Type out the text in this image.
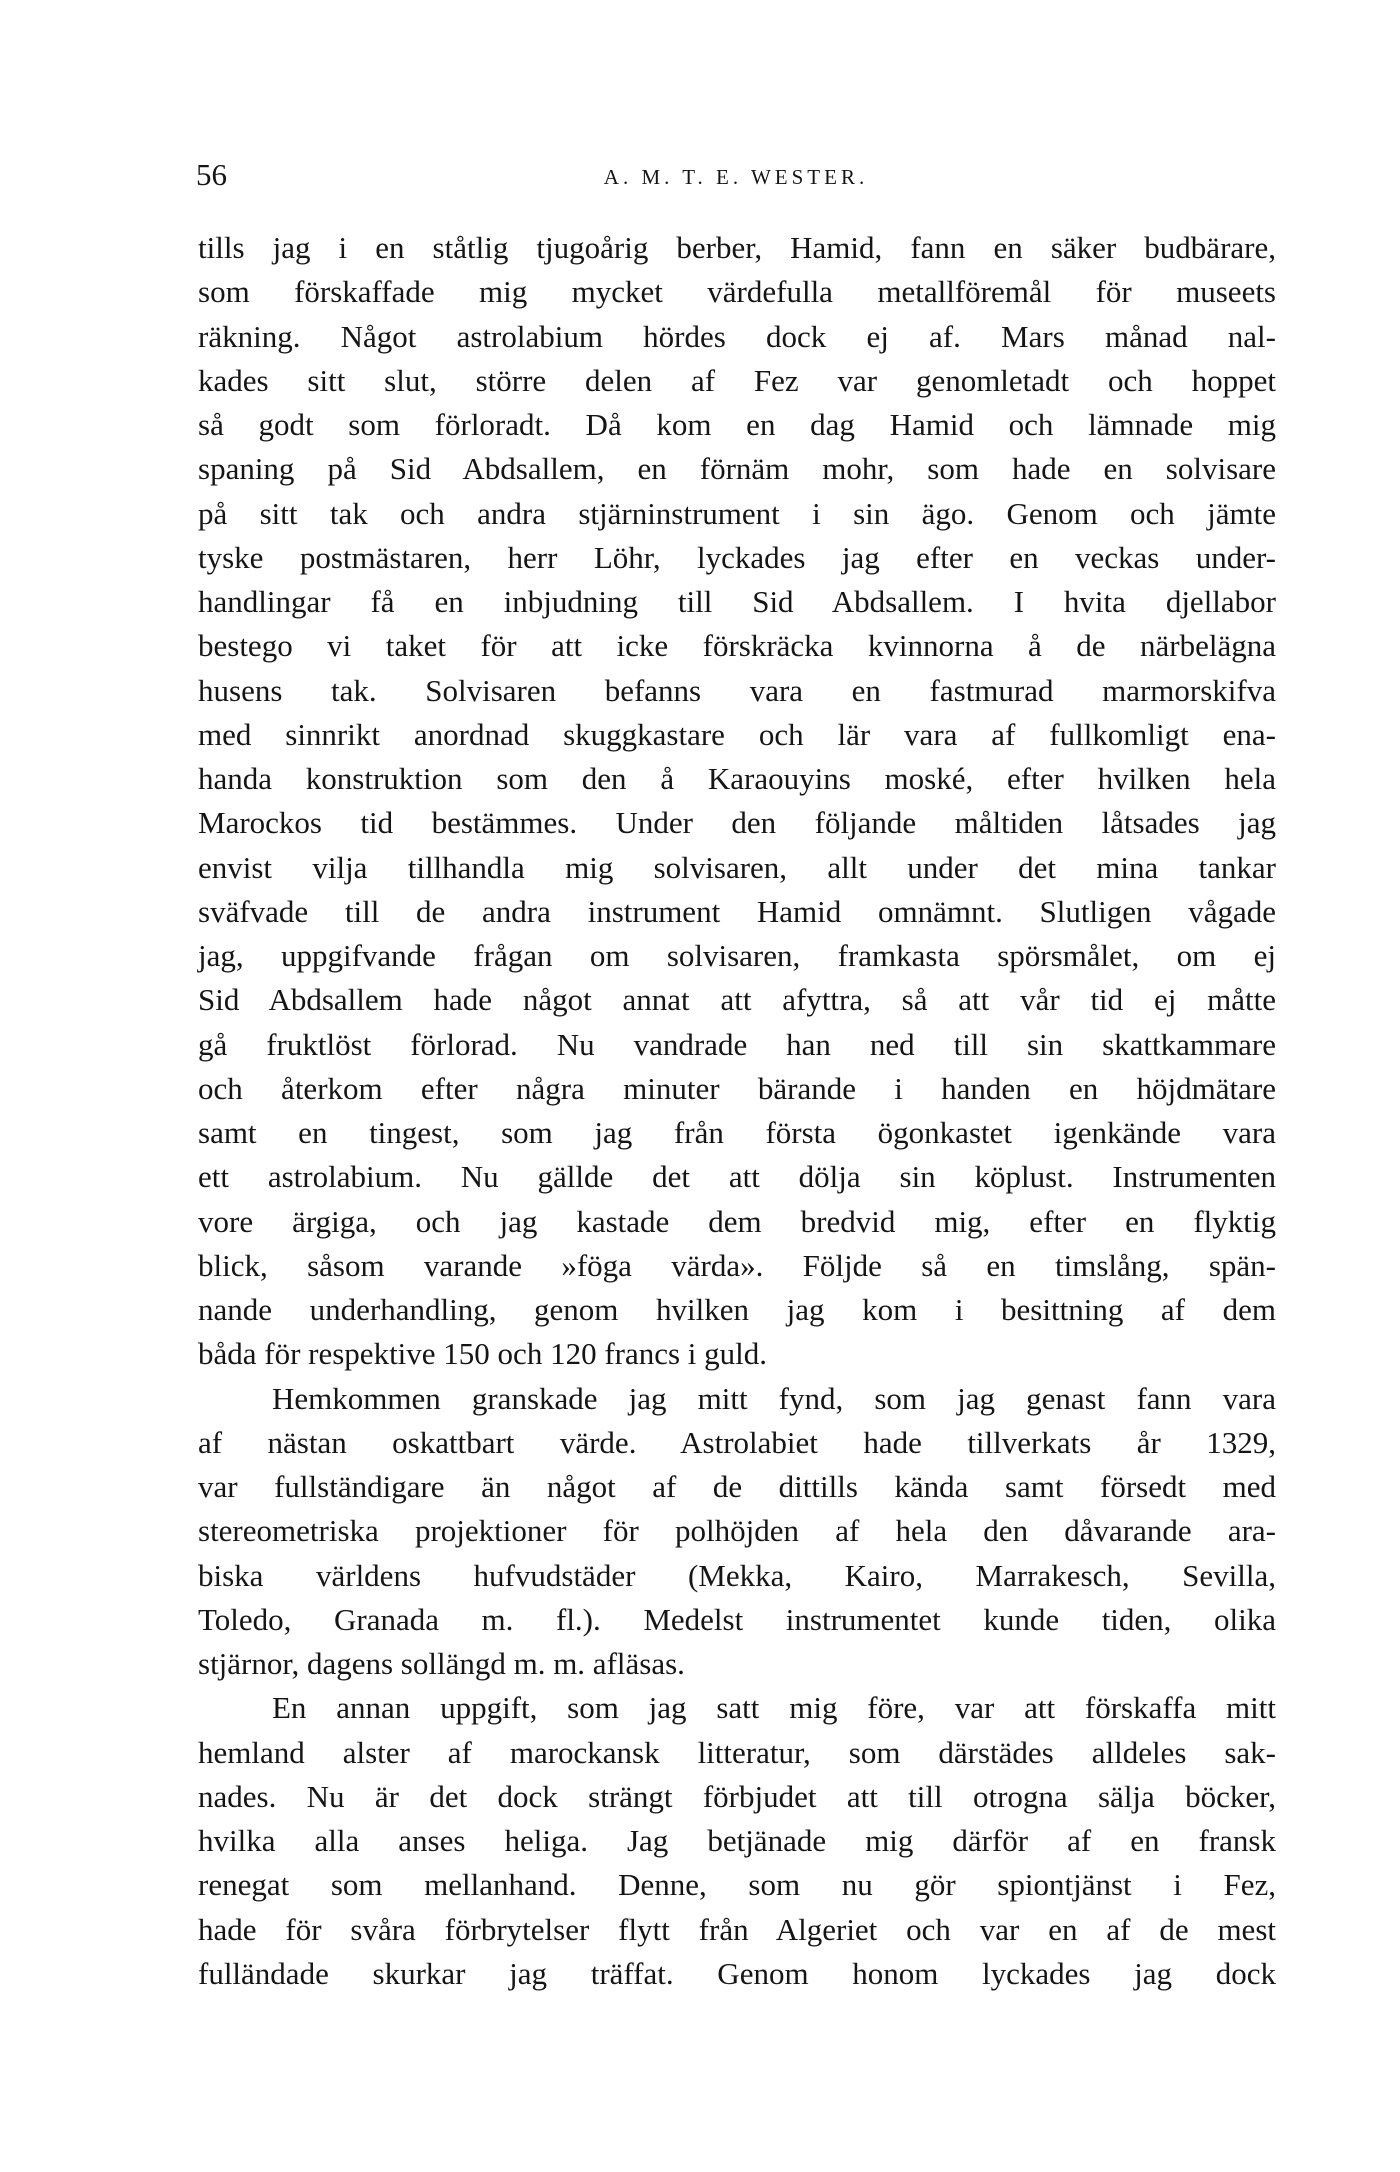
56	A. M. T. E. WESTER.
tills jag i en ståtlig tjugoårig berber, Hamid, fann en säker budbärare,
som förskaffade mig mycket värdefulla metallföremål för museets
räkning. Något astrolabium hördes dock ej af. Mars månad nal-
kades sitt slut, större delen af Fez var genomletadt och hoppet
så godt som förloradt. Då kom en dag Hamid och lämnade mig
spaning på Sid Abdsallem, en förnäm mohr, som hade en solvisare
på sitt tak och andra stjärninstrument i sin ägo. Genom och jämte
tyske postmästaren, herr Löhr, lyckades jag efter en veckas under-
handlingar få en inbjudning till Sid Abdsallem. I hvita djellabor
bestego vi taket för att icke förskräcka kvinnorna å de närbelägna
husens tak. Solvisaren befanns vara en fastmurad marmorskifva
med sinnrikt anordnad skuggkastare och lär vara af fullkomligt ena-
handa konstruktion som den å Karaouyins moské, efter hvilken hela
Marockos tid bestämmes. Under den följande måltiden låtsades jag
envist vilja tillhandla mig solvisaren, allt under det mina tankar
sväfvade till de andra instrument Hamid omnämnt. Slutligen vågade
jag, uppgifvande frågan om solvisaren, framkasta spörsmålet, om ej
Sid Abdsallem hade något annat att afyttra, så att vår tid ej måtte
gå fruktlöst förlorad. Nu vandrade han ned till sin skattkammare
och återkom efter några minuter bärande i handen en höjdmätare
samt en tingest, som jag från första ögonkastet igenkände vara
ett astrolabium. Nu gällde det att dölja sin köplust. Instrumenten
vore ärgiga, och jag kastade dem bredvid mig, efter en flyktig
blick, såsom varande »föga värda». Följde så en timslång, spän-
nande underhandling, genom hvilken jag kom i besittning af dem
båda för respektive 150 och 120 francs i guld.
Hemkommen granskade jag mitt fynd, som jag genast fann vara
af nästan oskattbart värde. Astrolabiet hade tillverkats år 1329,
var fullständigare än något af de dittills kända samt försedt med
stereometriska projektioner för polhöjden af hela den dåvarande ara-
biska världens hufvudstäder (Mekka, Kairo, Marrakesch, Sevilla,
Toledo, Granada m. fl.). Medelst instrumentet kunde tiden, olika
stjärnor, dagens sollängd m. m. afläsas.
En annan uppgift, som jag satt mig före, var att förskaffa mitt
hemland alster af marockansk litteratur, som därstädes alldeles sak-
nades. Nu är det dock strängt förbjudet att till otrogna sälja böcker,
hvilka alla anses heliga. Jag betjänade mig därför af en fransk
renegat som mellanhand. Denne, som nu gör spiontjänst i Fez,
hade för svåra förbrytelser flytt från Algeriet och var en af de mest
fulländade skurkar jag träffat. Genom honom lyckades jag dock
